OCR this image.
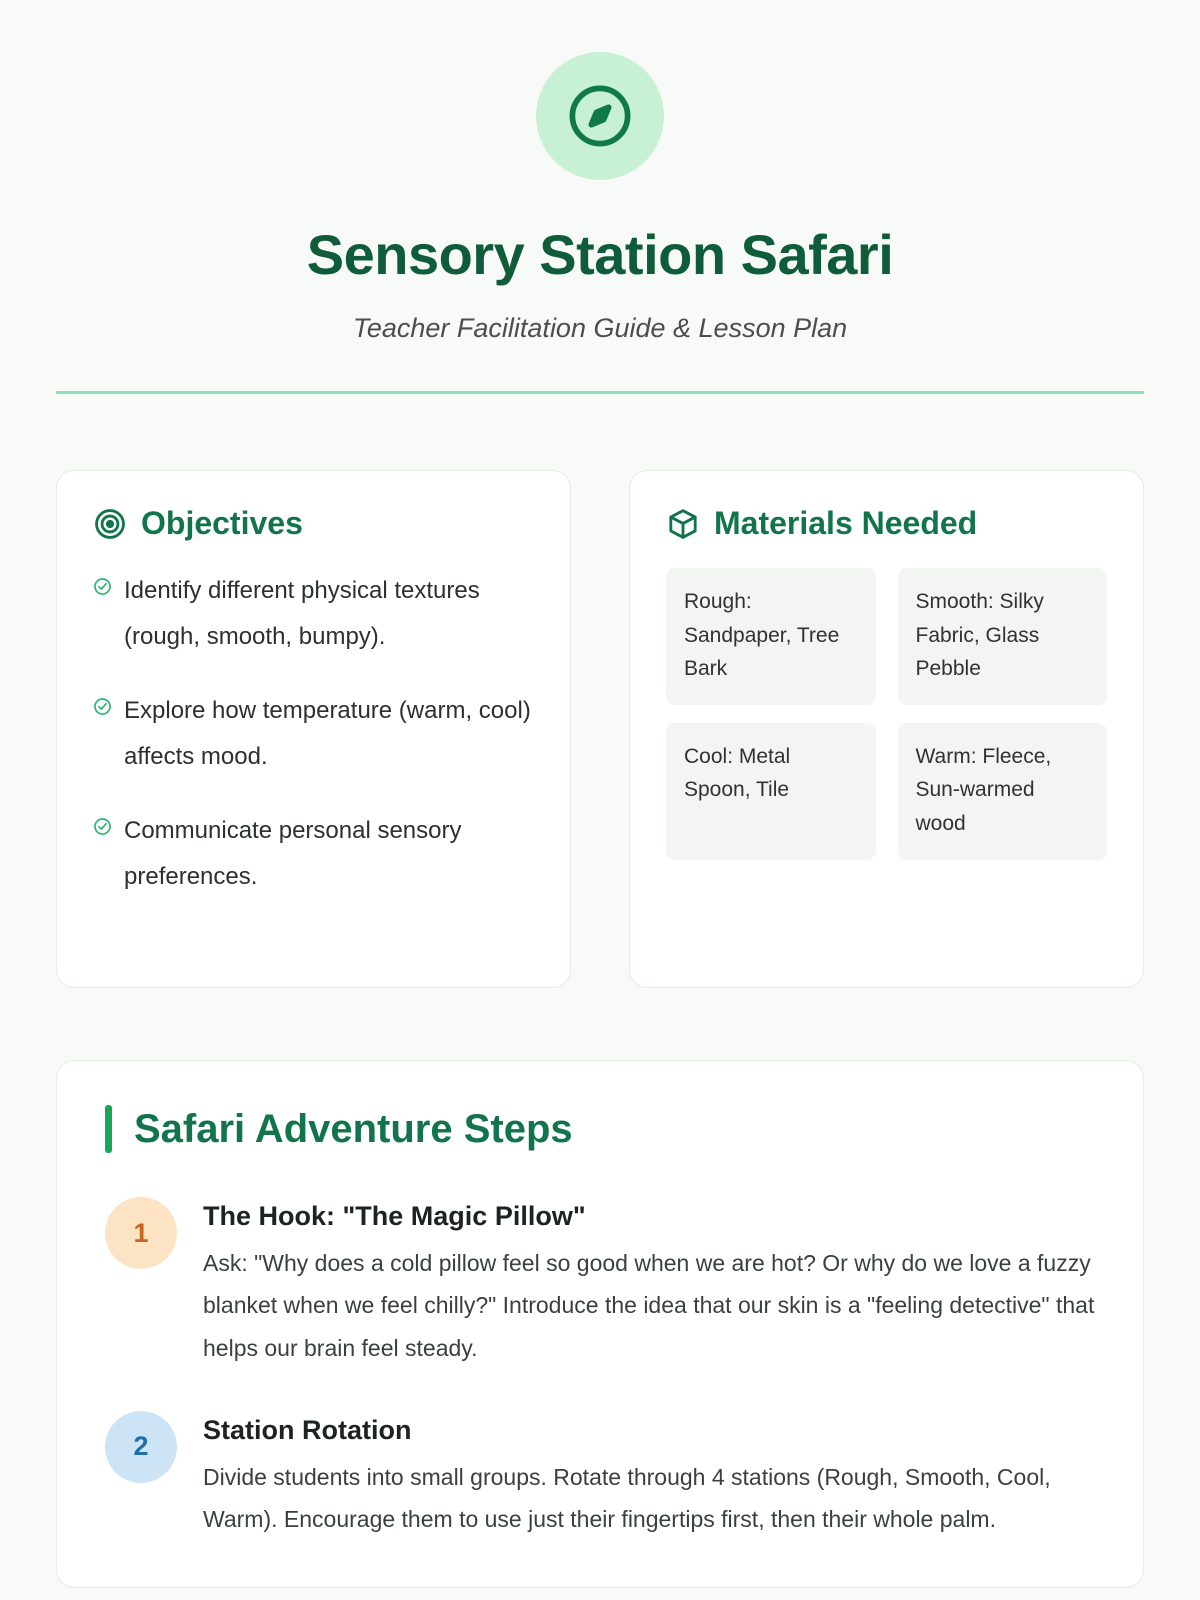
Sensory Station Safari
Teacher Facilitation Guide & Lesson Plan
Objectives
Identify different physical textures (rough, smooth, bumpy).
Explore how temperature (warm, cool) affects mood.
Communicate personal sensory preferences.
Materials Needed
Rough: Sandpaper, Tree Bark
Smooth: Silky Fabric, Glass Pebble
Cool: Metal Spoon, Tile
Warm: Fleece, Sun-warmed wood
Safari Adventure Steps
1
The Hook: "The Magic Pillow"
Ask: "Why does a cold pillow feel so good when we are hot? Or why do we love a fuzzy blanket when we feel chilly?" Introduce the idea that our skin is a "feeling detective" that helps our brain feel steady.
2
Station Rotation
Divide students into small groups. Rotate through 4 stations (Rough, Smooth, Cool, Warm). Encourage them to use just their fingertips first, then their whole palm.
